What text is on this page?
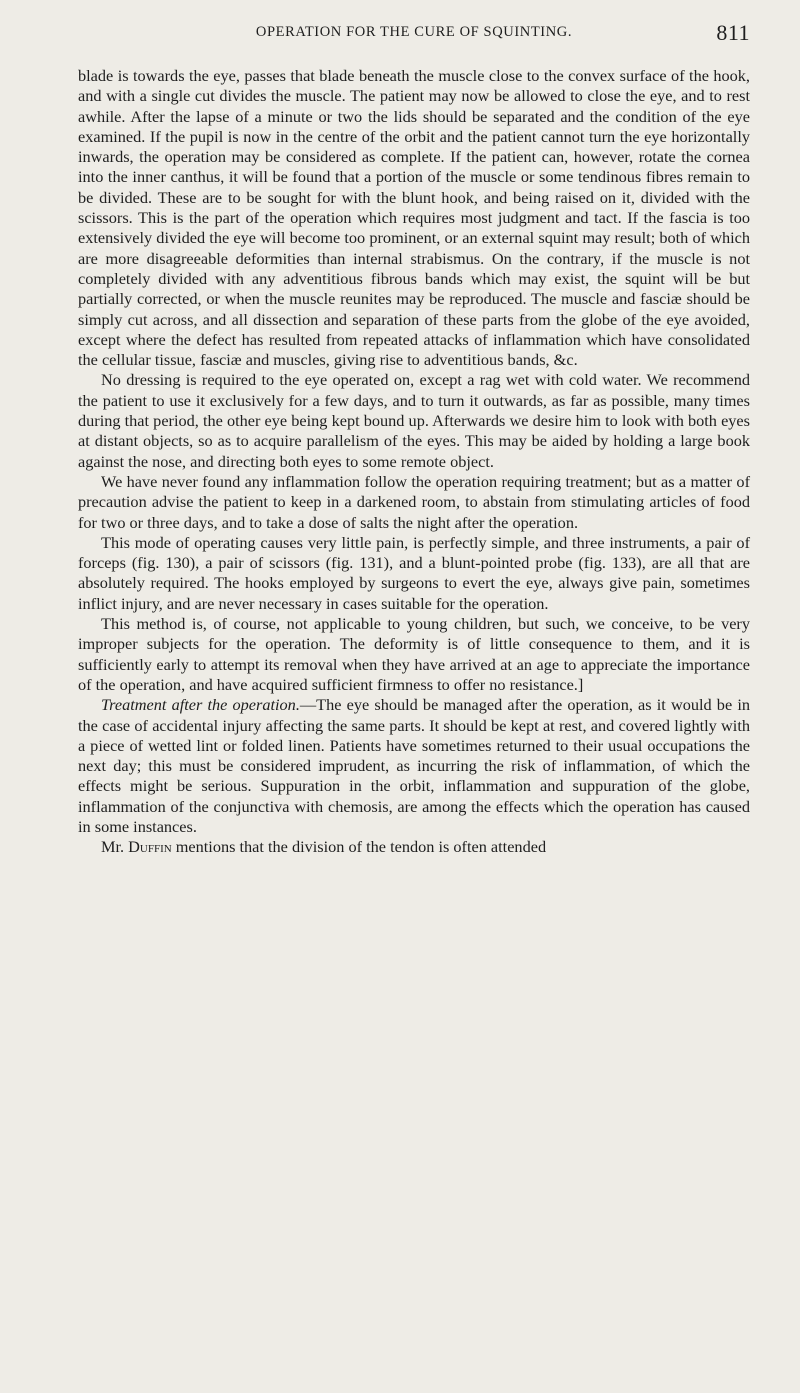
OPERATION FOR THE CURE OF SQUINTING.	811

blade is towards the eye, passes that blade beneath the muscle close to the convex surface of the hook, and with a single cut divides the muscle. The patient may now be allowed to close the eye, and to rest awhile. After the lapse of a minute or two the lids should be separated and the condition of the eye examined. If the pupil is now in the centre of the orbit and the patient cannot turn the eye horizontally inwards, the operation may be considered as complete. If the patient can, however, rotate the cornea into the inner canthus, it will be found that a portion of the muscle or some tendinous fibres remain to be divided. These are to be sought for with the blunt hook, and being raised on it, divided with the scissors. This is the part of the operation which requires most judgment and tact. If the fascia is too extensively divided the eye will become too prominent, or an external squint may result; both of which are more disagreeable deformities than internal strabismus. On the contrary, if the muscle is not completely divided with any adventitious fibrous bands which may exist, the squint will be but partially corrected, or when the muscle reunites may be reproduced. The muscle and fasciæ should be simply cut across, and all dissection and separation of these parts from the globe of the eye avoided, except where the defect has resulted from repeated attacks of inflammation which have consolidated the cellular tissue, fasciæ and muscles, giving rise to adventitious bands, &c.

No dressing is required to the eye operated on, except a rag wet with cold water. We recommend the patient to use it exclusively for a few days, and to turn it outwards, as far as possible, many times during that period, the other eye being kept bound up. Afterwards we desire him to look with both eyes at distant objects, so as to acquire parallelism of the eyes. This may be aided by holding a large book against the nose, and directing both eyes to some remote object.

We have never found any inflammation follow the operation requiring treatment; but as a matter of precaution advise the patient to keep in a darkened room, to abstain from stimulating articles of food for two or three days, and to take a dose of salts the night after the operation.

This mode of operating causes very little pain, is perfectly simple, and three instruments, a pair of forceps (fig. 130), a pair of scissors (fig. 131), and a blunt-pointed probe (fig. 133), are all that are absolutely required. The hooks employed by surgeons to evert the eye, always give pain, sometimes inflict injury, and are never necessary in cases suitable for the operation.

This method is, of course, not applicable to young children, but such, we conceive, to be very improper subjects for the operation. The deformity is of little consequence to them, and it is sufficiently early to attempt its removal when they have arrived at an age to appreciate the importance of the operation, and have acquired sufficient firmness to offer no resistance.]

Treatment after the operation.—The eye should be managed after the operation, as it would be in the case of accidental injury affecting the same parts. It should be kept at rest, and covered lightly with a piece of wetted lint or folded linen. Patients have sometimes returned to their usual occupations the next day; this must be considered imprudent, as incurring the risk of inflammation, of which the effects might be serious. Suppuration in the orbit, inflammation and suppuration of the globe, inflammation of the conjunctiva with chemosis, are among the effects which the operation has caused in some instances.

Mr. Duffin mentions that the division of the tendon is often attended
